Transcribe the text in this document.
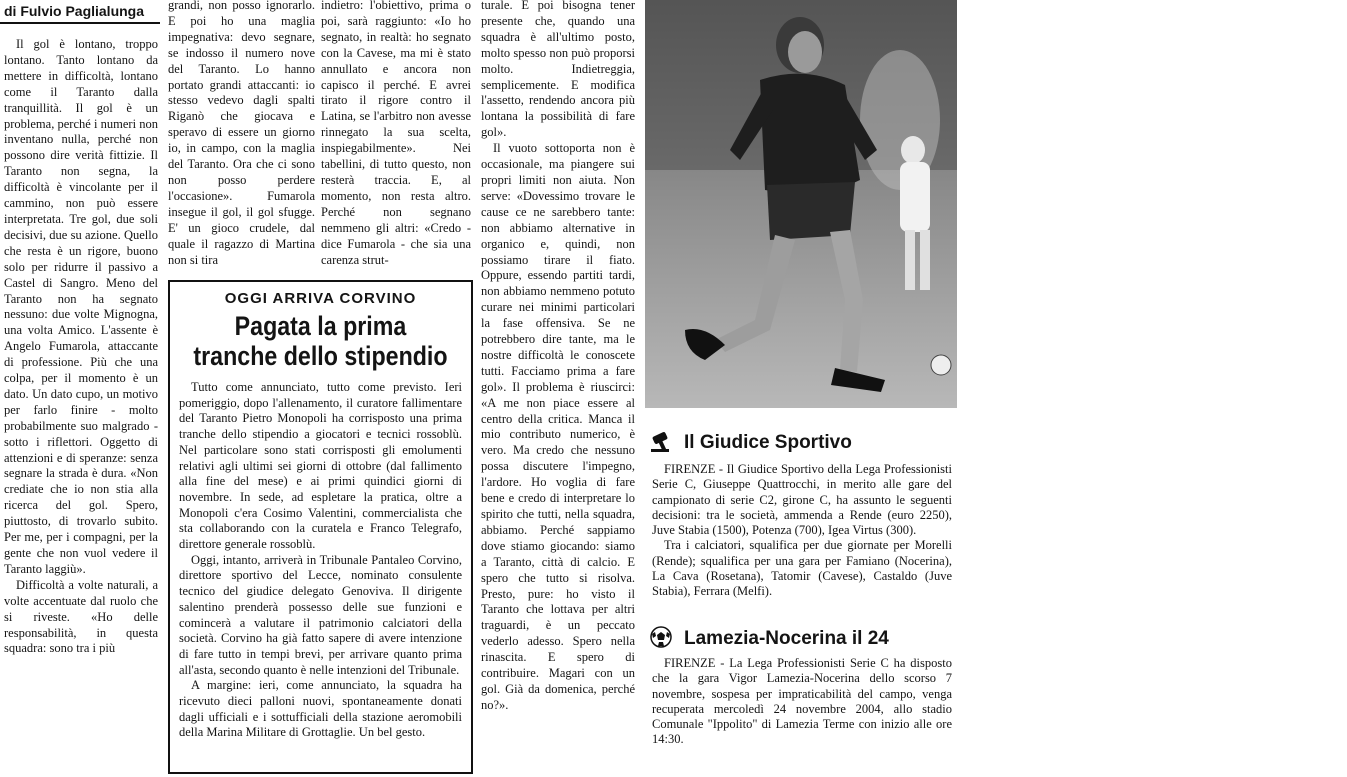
di Fulvio Paglialunga

Il gol è lontano, troppo lontano. Tanto lontano da mettere in difficoltà, lontano come il Taranto dalla tranquillità. Il gol è un problema, perché i numeri non inventano nulla, perché non possono dire verità fittizie. Il Taranto non segna, la difficoltà è vincolante per il cammino, non può essere interpretata. Tre gol, due soli decisivi, due su azione. Quello che resta è un rigore, buono solo per ridurre il passivo a Castel di Sangro. Meno del Taranto non ha segnato nessuno: due volte Mignogna, una volta Amico. L'assente è Angelo Fumarola, attaccante di professione. Più che una colpa, per il momento è un dato. Un dato cupo, un motivo per farlo finire - molto probabilmente suo malgrado - sotto i riflettori. Oggetto di attenzioni e di speranze: senza segnare la strada è dura. «Non crediate che io non stia alla ricerca del gol. Spero, piuttosto, di trovarlo subito. Per me, per i compagni, per la gente che non vuol vedere il Taranto laggiù».

Difficoltà a volte naturali, a volte accentuate dal ruolo che si riveste. «Ho delle responsabilità, in questa squadra: sono tra i più

grandi, non posso ignorarlo. E poi ho una maglia impegnativa: devo segnare, se indosso il numero nove del Taranto. Lo hanno portato grandi attaccanti: io stesso vedevo dagli spalti Riganò che giocava e speravo di essere un giorno io, in campo, con la maglia del Taranto. Ora che ci sono non posso perdere l'occasione». Fumarola insegue il gol, il gol sfugge. E' un gioco crudele, dal quale il ragazzo di Martina non si tira

indietro: l'obiettivo, prima o poi, sarà raggiunto: «Io ho segnato, in realtà: ho segnato con la Cavese, ma mi è stato annullato e ancora non capisco il perché. E avrei tirato il rigore contro il Latina, se l'arbitro non avesse rinnegato la sua scelta, inspiegabilmente». Nei tabellini, di tutto questo, non resterà traccia. E, al momento, non resta altro. Perché non segnano nemmeno gli altri: «Credo - dice Fumarola - che sia una carenza strut-

turale. E poi bisogna tener presente che, quando una squadra è all'ultimo posto, molto spesso non può proporsi molto. Indietreggia, semplicemente. E modifica l'assetto, rendendo ancora più lontana la possibilità di fare gol».

Il vuoto sottoporta non è occasionale, ma piangere sui propri limiti non aiuta. Non serve: «Dovessimo trovare le cause ce ne sarebbero tante: non abbiamo alternative in organico e, quindi, non possiamo tirare il fiato. Oppure, essendo partiti tardi, non abbiamo nemmeno potuto curare nei minimi particolari la fase offensiva. Se ne potrebbero dire tante, ma le nostre difficoltà le conoscete tutti. Facciamo prima a fare gol». Il problema è riuscirci: «A me non piace essere al centro della critica. Manca il mio contributo numerico, è vero. Ma credo che nessuno possa discutere l'impegno, l'ardore. Ho voglia di fare bene e credo di interpretare lo spirito che tutti, nella squadra, abbiamo. Perché sappiamo dove stiamo giocando: siamo a Taranto, città di calcio. E spero che tutto si risolva. Presto, pure: ho visto il Taranto che lottava per altri traguardi, è un peccato vederlo adesso. Spero nella rinascita. E spero di contribuire. Magari con un gol. Già da domenica, perché no?».

OGGI ARRIVA CORVINO
Pagata la prima tranche dello stipendio

Tutto come annunciato, tutto come previsto. Ieri pomeriggio, dopo l'allenamento, il curatore fallimentare del Taranto Pietro Monopoli ha corrisposto una prima tranche dello stipendio a giocatori e tecnici rossoblù. Nel particolare sono stati corrisposti gli emolumenti relativi agli ultimi sei giorni di ottobre (dal fallimento alla fine del mese) e ai primi quindici giorni di novembre. In sede, ad espletare la pratica, oltre a Monopoli c'era Cosimo Valentini, commercialista che sta collaborando con la curatela e Franco Telegrafo, direttore generale rossoblù.

Oggi, intanto, arriverà in Tribunale Pantaleo Corvino, direttore sportivo del Lecce, nominato consulente tecnico del giudice delegato Genoviva. Il dirigente salentino prenderà possesso delle sue funzioni e comincerà a valutare il patrimonio calciatori della società. Corvino ha già fatto sapere di avere intenzione di fare tutto in tempi brevi, per arrivare quanto prima all'asta, secondo quanto è nelle intenzioni del Tribunale.

A margine: ieri, come annunciato, la squadra ha ricevuto dieci palloni nuovi, spontaneamente donati dagli ufficiali e i sottufficiali della stazione aeromobili della Marina Militare di Grottaglie. Un bel gesto.

Angelo Fumarola (Foto Cannella)
Il Giudice Sportivo

FIRENZE - Il Giudice Sportivo della Lega Professionisti Serie C, Giuseppe Quattrocchi, in merito alle gare del campionato di serie C2, girone C, ha assunto le seguenti decisioni: tra le società, ammenda a Rende (euro 2250), Juve Stabia (1500), Potenza (700), Igea Virtus (300).

Tra i calciatori, squalifica per due giornate per Morelli (Rende); squalifica per una gara per Famiano (Nocerina), La Cava (Rosetana), Tatomir (Cavese), Castaldo (Juve Stabia), Ferrara (Melfi).

Lamezia-Nocerina il 24

FIRENZE - La Lega Professionisti Serie C ha disposto che la gara Vigor Lamezia-Nocerina dello scorso 7 novembre, sospesa per impraticabilità del campo, venga recuperata mercoledì 24 novembre 2004, allo stadio Comunale "Ippolito" di Lamezia Terme con inizio alle ore 14:30.
